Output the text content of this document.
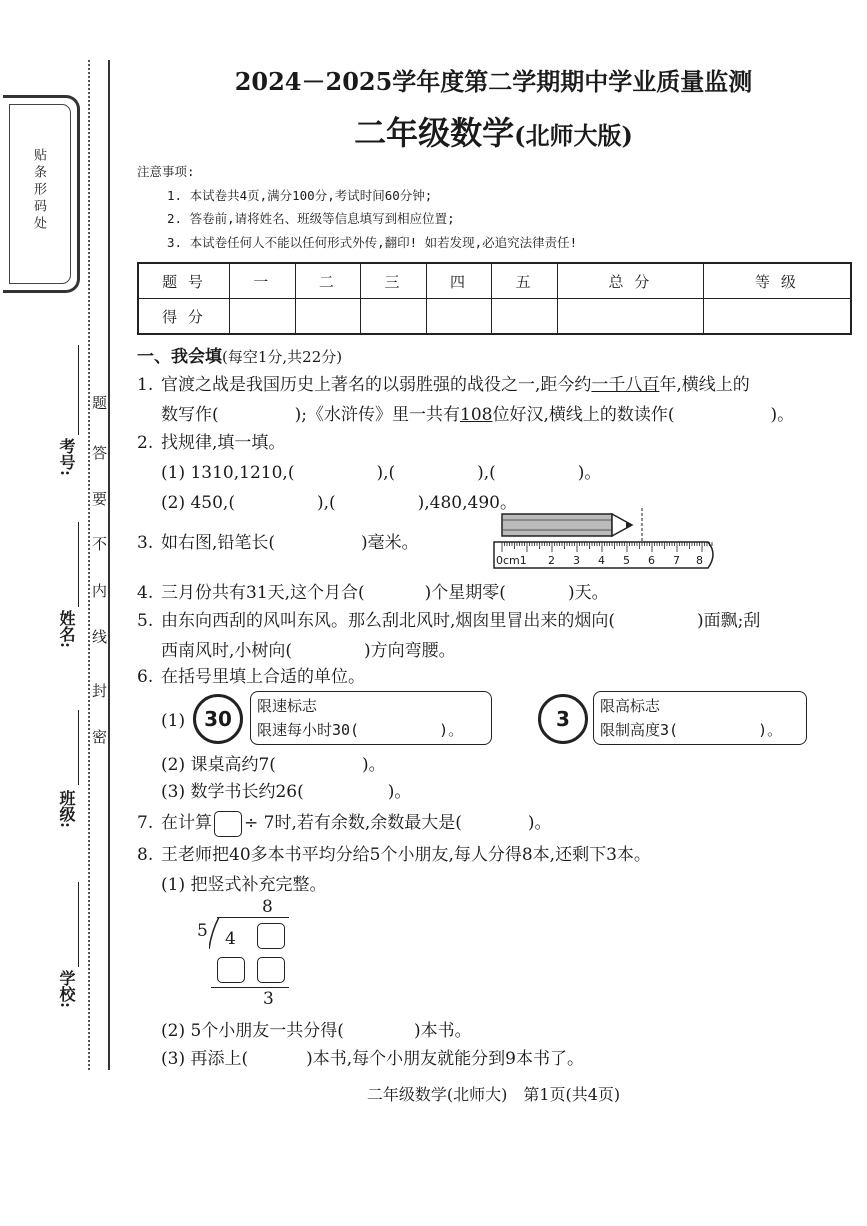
贴条形码处
考号:
姓名:
班级:
学校:
题
答
要
不
内
线
封
密
2024－2025学年度第二学期期中学业质量监测
二年级数学(北师大版)
注意事项:
1. 本试卷共4页,满分100分,考试时间60分钟;
2. 答卷前,请将姓名、班级等信息填写到相应位置;
3. 本试卷任何人不能以任何形式外传,翻印! 如若发现,必追究法律责任!
题 号	一	二	三	四	五	总 分	等 级
得 分							
一、我会填(每空1分,共22分)
1. 官渡之战是我国历史上著名的以弱胜强的战役之一,距今约一千八百年,横线上的
数写作(	);《水浒传》里一共有108位好汉,横线上的数读作(	)。
2. 找规律,填一填。
(1) 1310,1210,(	),(	),(	)。
(2) 450,(	),(	),480,490。
3. 如右图,铅笔长(	)毫米。
0cm1 2 3 4 5 6 7 8
4. 三月份共有31天,这个月合(	)个星期零(	)天。
5. 由东向西刮的风叫东风。那么刮北风时,烟囱里冒出来的烟向(	)面飘;刮
西南风时,小树向(	)方向弯腰。
6. 在括号里填上合适的单位。
(1) 30
限速标志
限速每小时30(	)。	3
限高标志
限制高度3(	)。
(2) 课桌高约7(	)。
(3) 数学书长约26(	)。
7. 在计算 ÷ 7时,若有余数,余数最大是(	)。
8. 王老师把40多本书平均分给5个小朋友,每人分得8本,还剩下3本。
(1) 把竖式补充完整。
8
5 4
3
(2) 5个小朋友一共分得(	)本书。
(3) 再添上(	)本书,每个小朋友就能分到9本书了。
二年级数学(北师大)　第1页(共4页)
